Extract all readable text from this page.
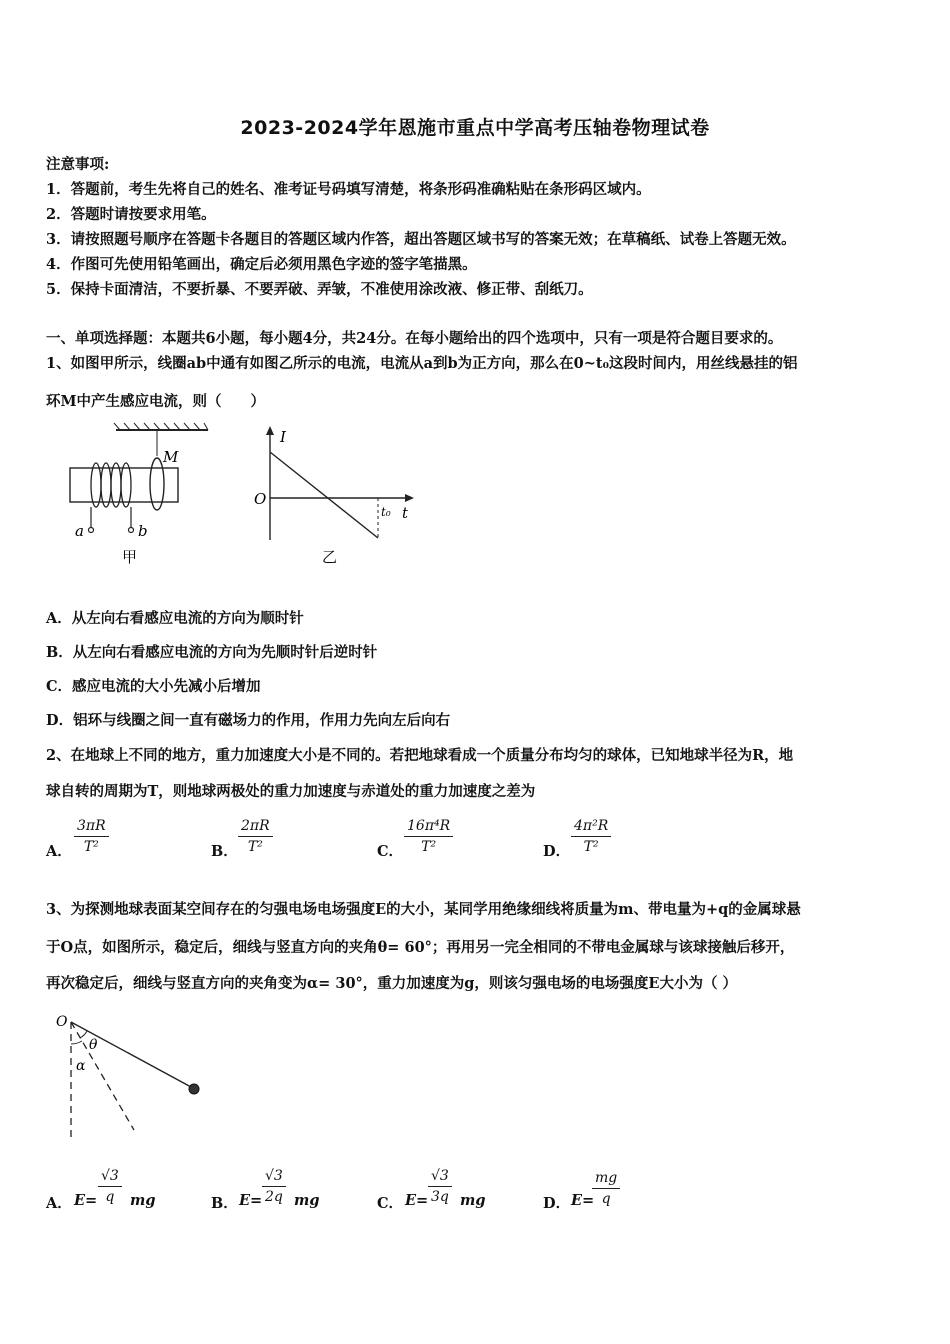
2023-2024学年恩施市重点中学高考压轴卷物理试卷
注意事项:
1．答题前，考生先将自己的姓名、准考证号码填写清楚，将条形码准确粘贴在条形码区域内。
2．答题时请按要求用笔。
3．请按照题号顺序在答题卡各题目的答题区域内作答，超出答题区域书写的答案无效；在草稿纸、试卷上答题无效。
4．作图可先使用铅笔画出，确定后必须用黑色字迹的签字笔描黑。
5．保持卡面清洁，不要折暴、不要弄破、弄皱，不准使用涂改液、修正带、刮纸刀。
一、单项选择题：本题共6小题，每小题4分，共24分。在每小题给出的四个选项中，只有一项是符合题目要求的。
1、如图甲所示，线圈ab中通有如图乙所示的电流，电流从a到b为正方向，那么在0~t₀这段时间内，用丝线悬挂的铝
环M中产生感应电流，则（　　）
M
a	b
甲
I
O
t
t₀
乙
A．从左向右看感应电流的方向为顺时针
B．从左向右看感应电流的方向为先顺时针后逆时针
C．感应电流的大小先减小后增加
D．铝环与线圈之间一直有磁场力的作用，作用力先向左后向右
2、在地球上不同的地方，重力加速度大小是不同的。若把地球看成一个质量分布均匀的球体，已知地球半径为R，地
球自转的周期为T，则地球两极处的重力加速度与赤道处的重力加速度之差为
A．
3πR
T²	B．
2πR
T²	C．
16π⁴R
T²	D．
4π²R
T²
3、为探测地球表面某空间存在的匀强电场电场强度E的大小，某同学用绝缘细线将质量为m、带电量为+q的金属球悬
于O点，如图所示，稳定后，细线与竖直方向的夹角θ= 60°；再用另一完全相同的不带电金属球与该球接触后移开，
再次稳定后，细线与竖直方向的夹角变为α= 30°，重力加速度为g，则该匀强电场的电场强度E大小为（ ）
O
θ
α
A． E=
√3
q	mg	B． E=
√3
2q mg	C． E=
√3
3q mg	D． E=
mg
q
